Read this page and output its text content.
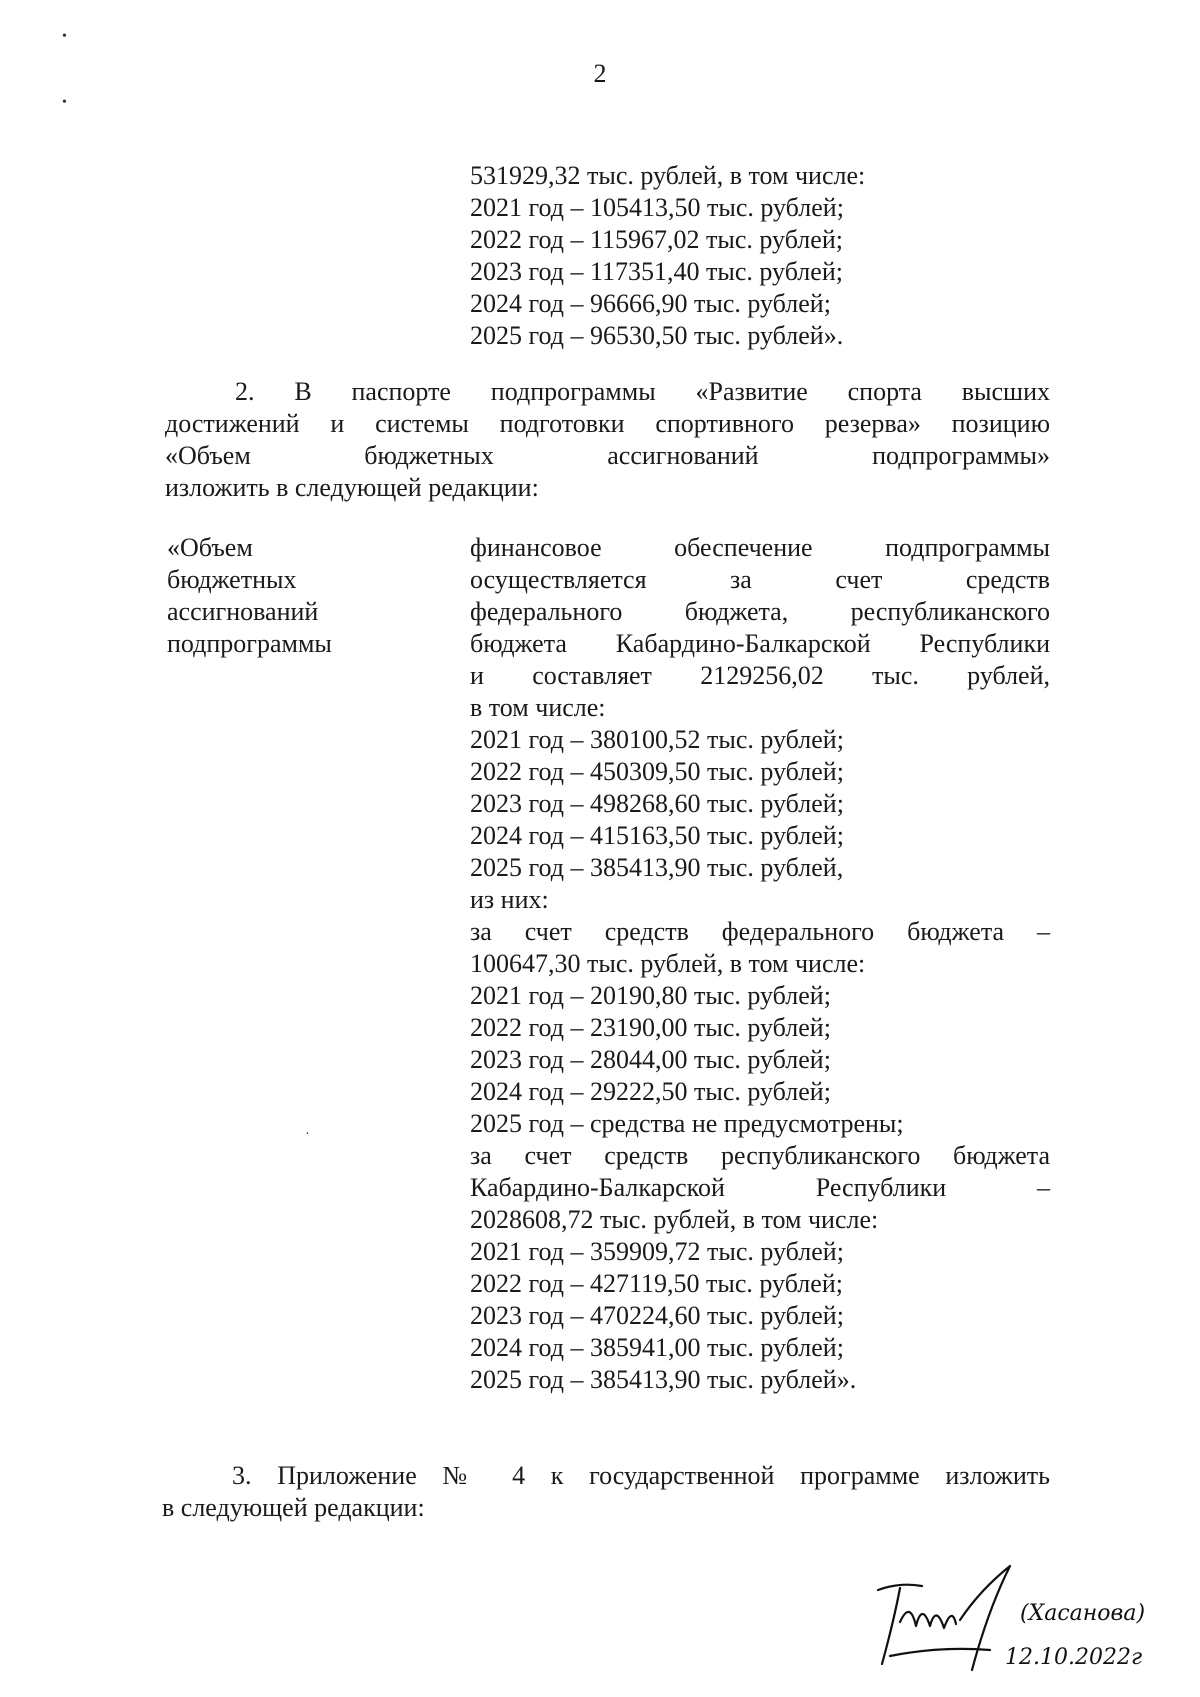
•
•
2
531929,32 тыс. рублей, в том числе:
2021 год – 105413,50 тыс. рублей;
2022 год – 115967,02 тыс. рублей;
2023 год – 117351,40 тыс. рублей;
2024 год – 96666,90 тыс. рублей;
2025 год – 96530,50 тыс. рублей».
2. В паспорте подпрограммы «Развитие спорта высших
достижений и системы подготовки спортивного резерва» позицию
«Объем бюджетных ассигнований подпрограммы»
изложить в следующей редакции:
«Объем
бюджетных
ассигнований
подпрограммы
финансовое обеспечение подпрограммы
осуществляется за счет средств
федерального бюджета, республиканского
бюджета Кабардино-Балкарской Республики
и составляет 2129256,02 тыс. рублей,
в том числе:
2021 год – 380100,52 тыс. рублей;
2022 год – 450309,50 тыс. рублей;
2023 год – 498268,60 тыс. рублей;
2024 год – 415163,50 тыс. рублей;
2025 год – 385413,90 тыс. рублей,
из них:
за счет средств федерального бюджета –
100647,30 тыс. рублей, в том числе:
2021 год – 20190,80 тыс. рублей;
2022 год – 23190,00 тыс. рублей;
2023 год – 28044,00 тыс. рублей;
2024 год – 29222,50 тыс. рублей;
2025 год – средства не предусмотрены;
за счет средств республиканского бюджета
Кабардино-Балкарской Республики –
2028608,72 тыс. рублей, в том числе:
2021 год – 359909,72 тыс. рублей;
2022 год – 427119,50 тыс. рублей;
2023 год – 470224,60 тыс. рублей;
2024 год – 385941,00 тыс. рублей;
2025 год – 385413,90 тыс. рублей».
·
3. Приложение № 4 к государственной программе изложить
в следующей редакции:
(Хасанова)
12.10.2022г
